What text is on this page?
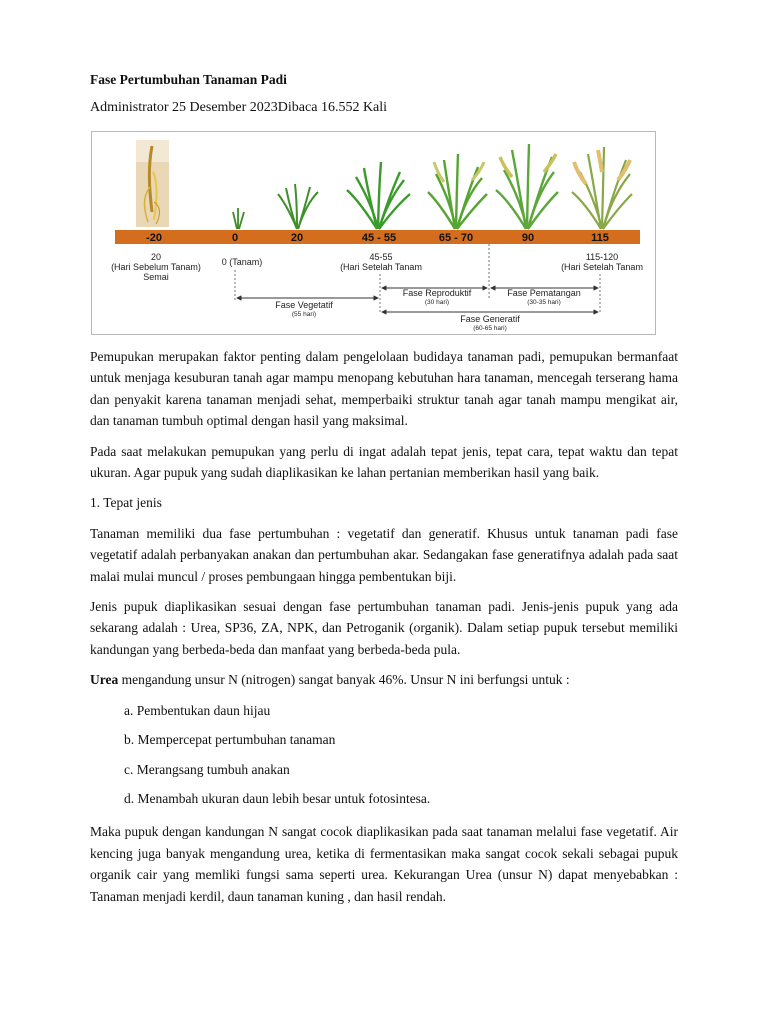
Fase Pertumbuhan Tanaman Padi
Administrator 25 Desember 2023Dibaca 16.552 Kali
-20	0	20	45 - 55	65 - 70	90	115
20
(Hari Sebelum Tanam)
Semai
0 (Tanam)	45-55
(Hari Setelah Tanam
115-120
(Hari Setelah Tanam
Fase Vegetatif
(55 hari)
Fase Reproduktif
(30 hari)
Fase Pematangan
(30-35 hari)
Fase Generatif
(60-65 hari)

Pemupukan merupakan faktor penting dalam pengelolaan budidaya tanaman padi, pemupukan bermanfaat untuk menjaga kesuburan tanah agar mampu menopang kebutuhan hara tanaman, mencegah terserang hama dan penyakit karena tanaman menjadi sehat, memperbaiki struktur tanah agar tanah mampu mengikat air, dan tanaman tumbuh optimal dengan hasil yang maksimal.

Pada saat melakukan pemupukan yang perlu di ingat adalah tepat jenis, tepat cara, tepat waktu dan tepat ukuran. Agar pupuk yang sudah diaplikasikan ke lahan pertanian memberikan hasil yang baik.

1. Tepat jenis

Tanaman memiliki dua fase pertumbuhan : vegetatif dan generatif. Khusus untuk tanaman padi fase vegetatif adalah perbanyakan anakan dan pertumbuhan akar. Sedangakan fase generatifnya adalah pada saat malai mulai muncul / proses pembungaan hingga pembentukan biji.

Jenis pupuk diaplikasikan sesuai dengan fase pertumbuhan tanaman padi. Jenis-jenis pupuk yang ada sekarang adalah : Urea, SP36, ZA, NPK, dan Petroganik (organik). Dalam setiap pupuk tersebut memiliki kandungan yang berbeda-beda dan manfaat yang berbeda-beda pula.

Urea mengandung unsur N (nitrogen) sangat banyak 46%. Unsur N ini berfungsi untuk :

a. Pembentukan daun hijau
b. Mempercepat pertumbuhan tanaman
c. Merangsang tumbuh anakan
d. Menambah ukuran daun lebih besar untuk fotosintesa.

Maka pupuk dengan kandungan N sangat cocok diaplikasikan pada saat tanaman melalui fase vegetatif. Air kencing juga banyak mengandung urea, ketika di fermentasikan maka sangat cocok sekali sebagai pupuk organik cair yang memliki fungsi sama seperti urea. Kekurangan Urea (unsur N) dapat menyebabkan : Tanaman menjadi kerdil, daun tanaman kuning , dan hasil rendah.
